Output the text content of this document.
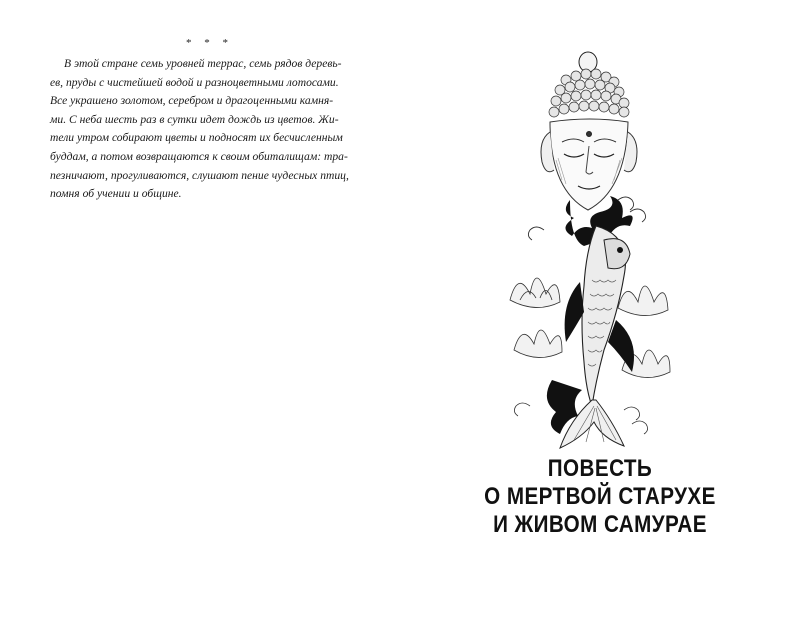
* * *
В этой стране семь уровней террас, семь рядов деревь-
ев, пруды с чистейшей водой и разноцветными лотосами.
Все украшено золотом, серебром и драгоценными камня-
ми. С неба шесть раз в сутки идет дождь из цветов. Жи-
тели утром собирают цветы и подносят их бесчисленным
буддам, а потом возвращаются к своим обиталищам: тра-
пезничают, прогуливаются, слушают пение чудесных птиц,
помня об учении и общине.
ПОВЕСТЬ
О МЕРТВОЙ СТАРУХЕ
И ЖИВОМ САМУРАЕ
